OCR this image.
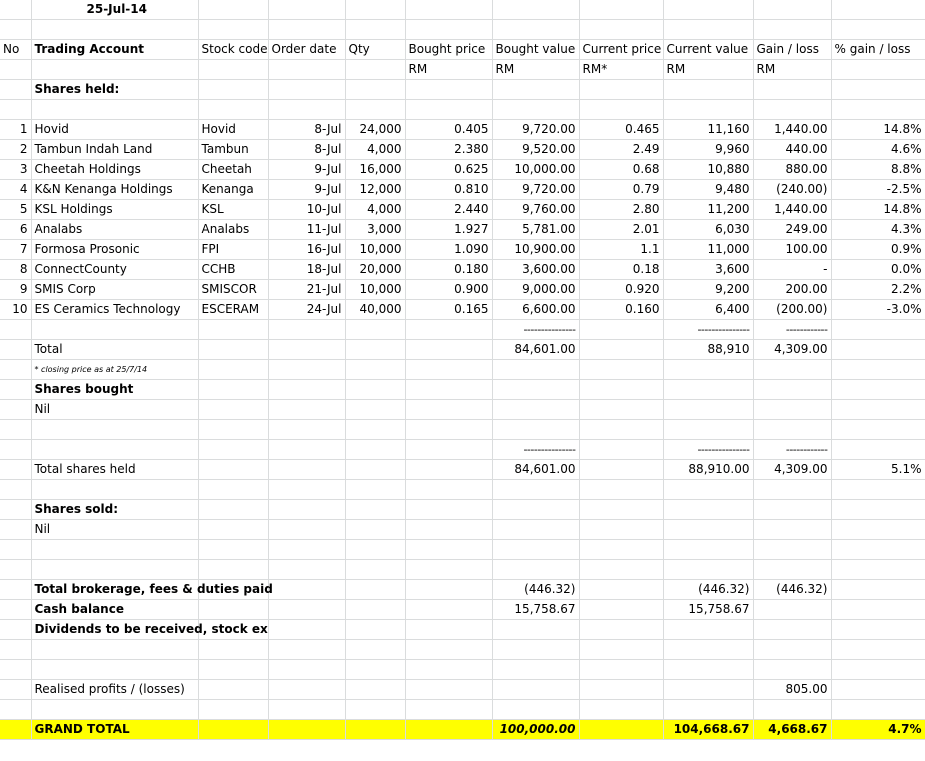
	25-Jul-14									

No	Trading Account	Stock code	Order date	Qty	Bought price	Bought value	Current price	Current value	Gain / loss	% gain / loss
					RM	RM	RM*	RM	RM	
	Shares held:									

1	Hovid	Hovid	8-Jul	24,000	0.405	9,720.00	0.465	11,160	1,440.00	14.8%
2	Tambun Indah Land	Tambun	8-Jul	4,000	2.380	9,520.00	2.49	9,960	440.00	4.6%
3	Cheetah Holdings	Cheetah	9-Jul	16,000	0.625	10,000.00	0.68	10,880	880.00	8.8%
4	K&N Kenanga Holdings	Kenanga	9-Jul	12,000	0.810	9,720.00	0.79	9,480	(240.00)	-2.5%
5	KSL Holdings	KSL	10-Jul	4,000	2.440	9,760.00	2.80	11,200	1,440.00	14.8%
6	Analabs	Analabs	11-Jul	3,000	1.927	5,781.00	2.01	6,030	249.00	4.3%
7	Formosa Prosonic	FPI	16-Jul	10,000	1.090	10,900.00	1.1	11,000	100.00	0.9%
8	ConnectCounty	CCHB	18-Jul	20,000	0.180	3,600.00	0.18	3,600	-	0.0%
9	SMIS Corp	SMISCOR	21-Jul	10,000	0.900	9,000.00	0.920	9,200	200.00	2.2%
10	ES Ceramics Technology	ESCERAM	24-Jul	40,000	0.165	6,600.00	0.160	6,400	(200.00)	-3.0%
						---------------		---------------	------------	
	Total					84,601.00		88,910	4,309.00	
	* closing price as at 25/7/14									
	Shares bought									
	Nil									

						---------------		---------------	------------	
	Total shares held					84,601.00		88,910.00	4,309.00	5.1%

	Shares sold:									
	Nil									

	Total brokerage, fees & duties paid					(446.32)		(446.32)	(446.32)	
	Cash balance					15,758.67		15,758.67		
	Dividends to be received, stock ex									

	Realised profits / (losses)								805.00	

	GRAND TOTAL					100,000.00		104,668.67	4,668.67	4.7%
